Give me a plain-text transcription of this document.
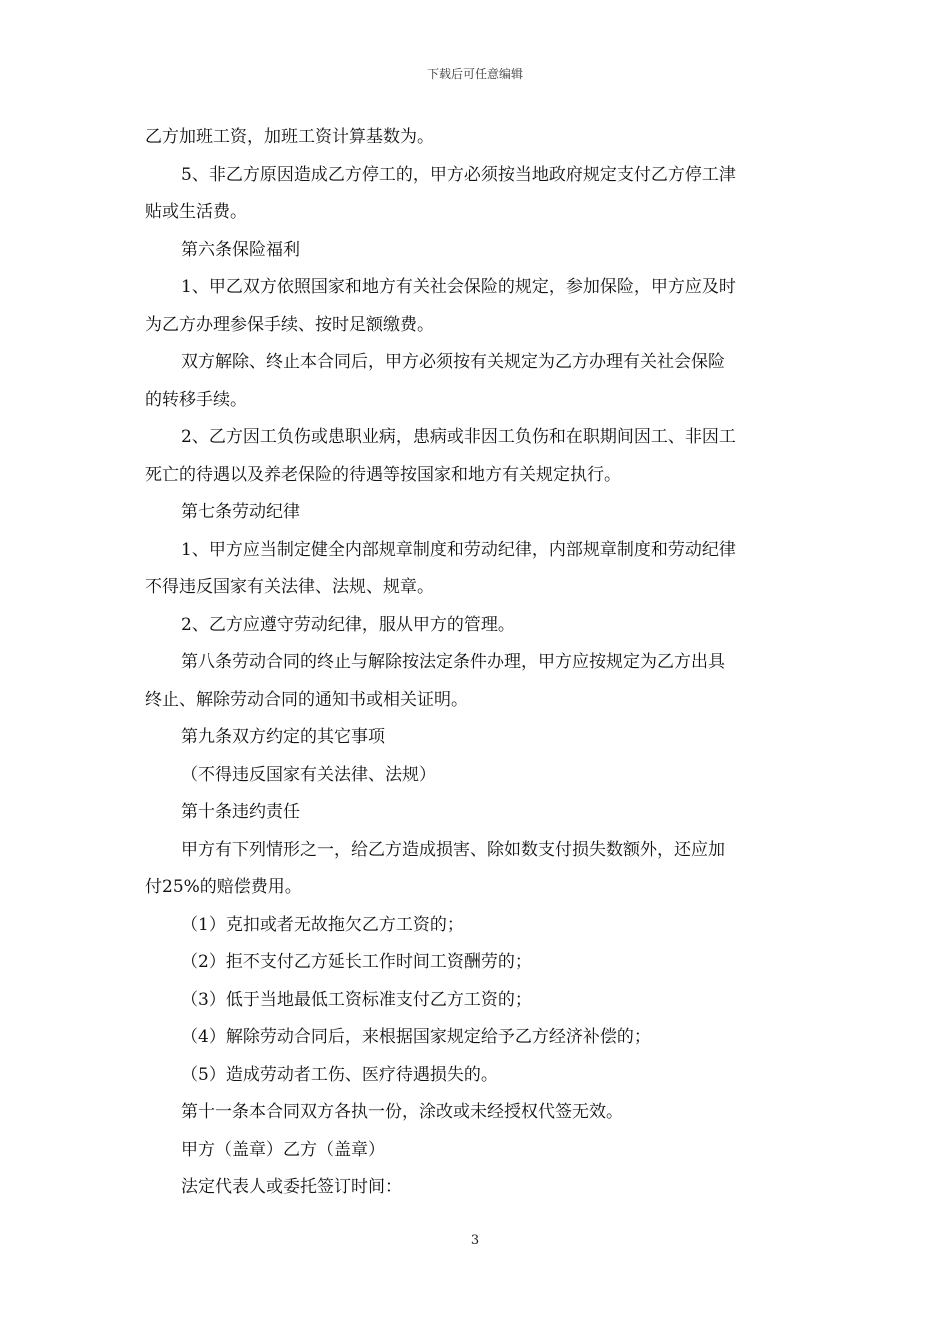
下载后可任意编辑
乙方加班工资，加班工资计算基数为。
5、非乙方原因造成乙方停工的，甲方必须按当地政府规定支付乙方停工津
贴或生活费。
第六条保险福利
1、甲乙双方依照国家和地方有关社会保险的规定，参加保险，甲方应及时
为乙方办理参保手续、按时足额缴费。
双方解除、终止本合同后，甲方必须按有关规定为乙方办理有关社会保险
的转移手续。
2、乙方因工负伤或患职业病，患病或非因工负伤和在职期间因工、非因工
死亡的待遇以及养老保险的待遇等按国家和地方有关规定执行。
第七条劳动纪律
1、甲方应当制定健全内部规章制度和劳动纪律，内部规章制度和劳动纪律
不得违反国家有关法律、法规、规章。
2、乙方应遵守劳动纪律，服从甲方的管理。
第八条劳动合同的终止与解除按法定条件办理，甲方应按规定为乙方出具
终止、解除劳动合同的通知书或相关证明。
第九条双方约定的其它事项
（不得违反国家有关法律、法规）
第十条违约责任
甲方有下列情形之一，给乙方造成损害、除如数支付损失数额外，还应加
付25%的赔偿费用。
（1）克扣或者无故拖欠乙方工资的；
（2）拒不支付乙方延长工作时间工资酬劳的；
（3）低于当地最低工资标准支付乙方工资的；
（4）解除劳动合同后，来根据国家规定给予乙方经济补偿的；
（5）造成劳动者工伤、医疗待遇损失的。
第十一条本合同双方各执一份，涂改或未经授权代签无效。
甲方（盖章）乙方（盖章）
法定代表人或委托签订时间：
3
